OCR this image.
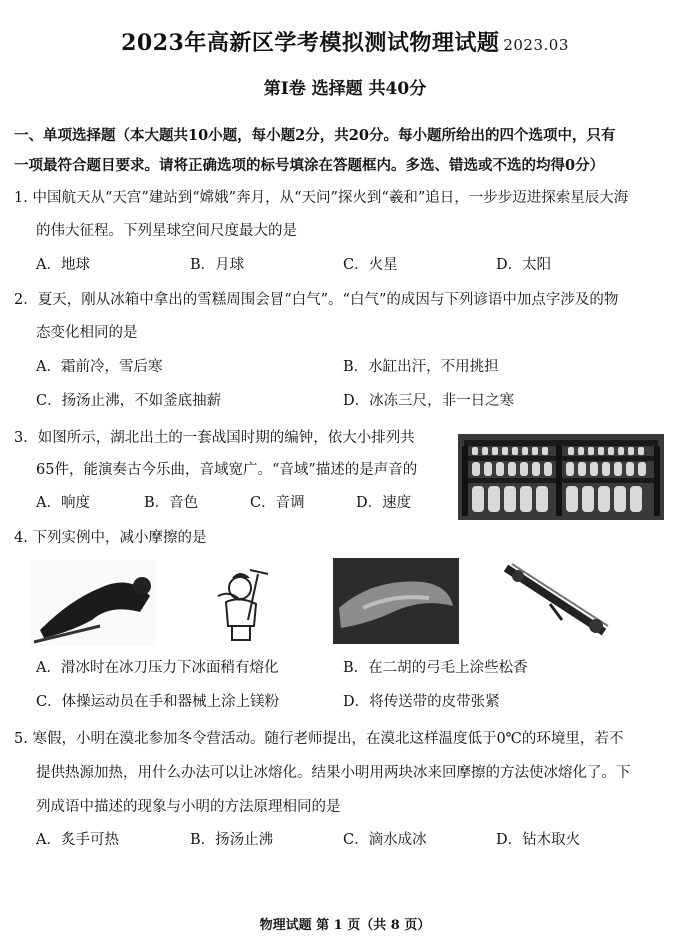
2023年高新区学考模拟测试物理试题 2023.03
第Ⅰ卷 选择题 共40分
一、单项选择题（本大题共10小题，每小题2分，共20分。每小题所给出的四个选项中，只有
一项最符合题目要求。请将正确选项的标号填涂在答题框内。多选、错选或不选的均得0分）
1. 中国航天从“天宫”建站到“嫦娥”奔月，从“天问”探火到“羲和”追日，一步步迈进探索星辰大海
的伟大征程。下列星球空间尺度最大的是
A．地球	B．月球	C．火星	D．太阳
2．夏天，刚从冰箱中拿出的雪糕周围会冒“白气”。“白气”的成因与下列谚语中加点字涉及的物
态变化相同的是
A．霜前冷，雪后寒	B．水缸出汗，不用挑担
C．扬汤止沸，不如釜底抽薪	D．冰冻三尺，非一日之寒
3．如图所示，湖北出土的一套战国时期的编钟，依大小排列共
65件，能演奏古今乐曲，音域宽广。“音域”描述的是声音的
A．响度	B．音色	C．音调	D．速度
4. 下列实例中，减小摩擦的是
A．滑冰时在冰刀压力下冰面稍有熔化	B．在二胡的弓毛上涂些松香
C．体操运动员在手和器械上涂上镁粉	D．将传送带的皮带张紧
5. 寒假，小明在漠北参加冬令营活动。随行老师提出，在漠北这样温度低于0℃的环境里，若不
提供热源加热，用什么办法可以让冰熔化。结果小明用两块冰来回摩擦的方法使冰熔化了。下
列成语中描述的现象与小明的方法原理相同的是
A．炙手可热	B．扬汤止沸	C．滴水成冰	D．钻木取火
物理试题 第 1 页（共 8 页）
